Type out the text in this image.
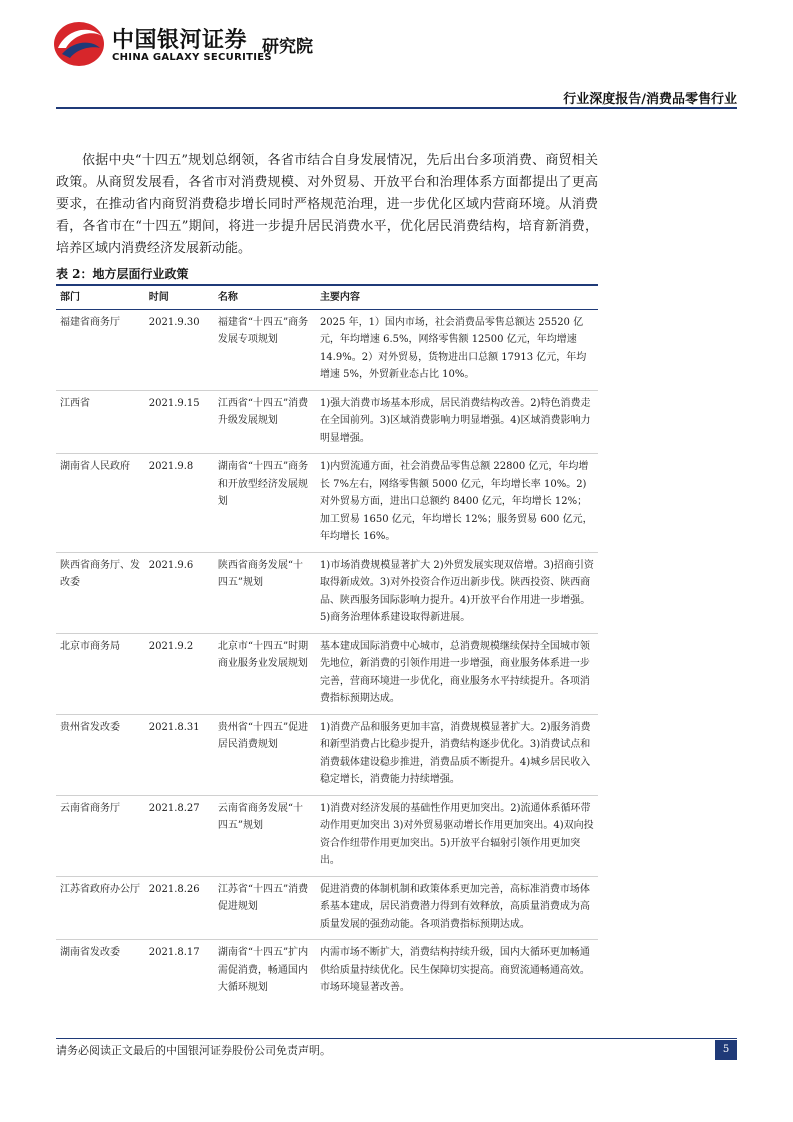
中国银河证券
CHINA GALAXY SECURITIES
研究院
行业深度报告/消费品零售行业

依据中央“十四五”规划总纲领，各省市结合自身发展情况，先后出台多项消费、商贸相关政策。从商贸发展看，各省市对消费规模、对外贸易、开放平台和治理体系方面都提出了更高要求，在推动省内商贸消费稳步增长同时严格规范治理，进一步优化区域内营商环境。从消费看，各省市在“十四五”期间，将进一步提升居民消费水平，优化居民消费结构，培育新消费，培养区域内消费经济发展新动能。

表 2：地方层面行业政策
部门	时间	名称	主要内容
福建省商务厅	2021.9.30	福建省“十四五”商务发展专项规划	2025 年，1）国内市场，社会消费品零售总额达 25520 亿元，年均增速 6.5%，网络零售额 12500 亿元，年均增速 14.9%。2）对外贸易，货物进出口总额 17913 亿元，年均增速 5%，外贸新业态占比 10%。
江西省	2021.9.15	江西省“十四五”消费升级发展规划	1)强大消费市场基本形成，居民消费结构改善。2)特色消费走在全国前列。3)区域消费影响力明显增强。4)区域消费影响力明显增强。
湖南省人民政府	2021.9.8	湖南省“十四五”商务和开放型经济发展规划	1)内贸流通方面，社会消费品零售总额 22800 亿元，年均增长 7%左右，网络零售额 5000 亿元，年均增长率 10%。2)对外贸易方面，进出口总额约 8400 亿元，年均增长 12%；加工贸易 1650 亿元，年均增长 12%；服务贸易 600 亿元，年均增长 16%。
陕西省商务厅、发改委	2021.9.6	陕西省商务发展“十四五”规划	1)市场消费规模显著扩大 2)外贸发展实现双倍增。3)招商引资取得新成效。3)对外投资合作迈出新步伐。陕西投资、陕西商品、陕西服务国际影响力提升。4)开放平台作用进一步增强。5)商务治理体系建设取得新进展。
北京市商务局	2021.9.2	北京市“十四五”时期商业服务业发展规划	基本建成国际消费中心城市，总消费规模继续保持全国城市领先地位，新消费的引领作用进一步增强，商业服务体系进一步完善，营商环境进一步优化，商业服务水平持续提升。各项消费指标预期达成。
贵州省发改委	2021.8.31	贵州省“十四五”促进居民消费规划	1)消费产品和服务更加丰富，消费规模显著扩大。2)服务消费和新型消费占比稳步提升，消费结构逐步优化。3)消费试点和消费载体建设稳步推进，消费品质不断提升。4)城乡居民收入稳定增长，消费能力持续增强。
云南省商务厅	2021.8.27	云南省商务发展“十四五”规划	1)消费对经济发展的基础性作用更加突出。2)流通体系循环带动作用更加突出 3)对外贸易驱动增长作用更加突出。4)双向投资合作纽带作用更加突出。5)开放平台辐射引领作用更加突出。
江苏省政府办公厅	2021.8.26	江苏省“十四五”消费促进规划	促进消费的体制机制和政策体系更加完善，高标准消费市场体系基本建成，居民消费潜力得到有效释放，高质量消费成为高质量发展的强劲动能。各项消费指标预期达成。
湖南省发改委	2021.8.17	湖南省“十四五”扩内需促消费，畅通国内大循环规划	内需市场不断扩大，消费结构持续升级，国内大循环更加畅通供给质量持续优化。民生保障切实提高。商贸流通畅通高效。市场环境显著改善。
请务必阅读正文最后的中国银河证券股份公司免责声明。	5
